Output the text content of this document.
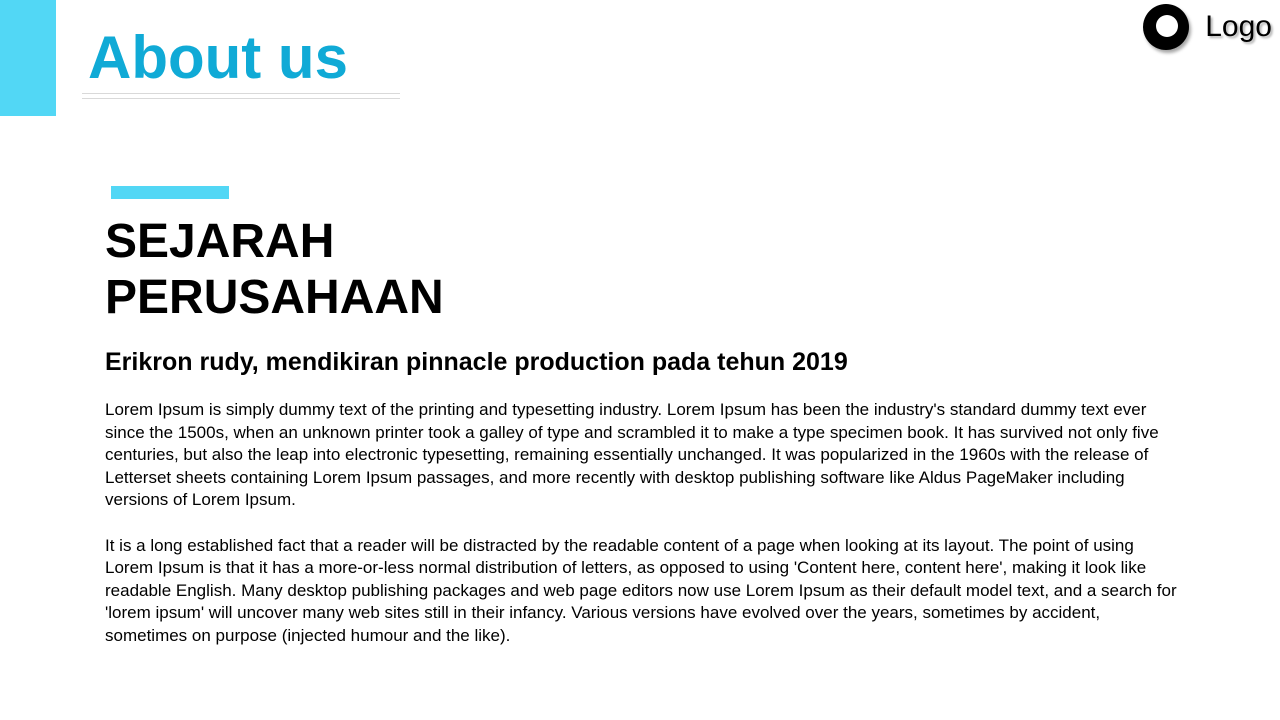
About us	Logo
SEJARAH
PERUSAHAAN
Erikron rudy, mendikiran pinnacle production pada tehun 2019

Lorem Ipsum is simply dummy text of the printing and typesetting industry. Lorem Ipsum has been the industry's standard dummy text ever since the 1500s, when an unknown printer took a galley of type and scrambled it to make a type specimen book. It has survived not only five centuries, but also the leap into electronic typesetting, remaining essentially unchanged. It was popularized in the 1960s with the release of Letterset sheets containing Lorem Ipsum passages, and more recently with desktop publishing software like Aldus PageMaker including versions of Lorem Ipsum.

It is a long established fact that a reader will be distracted by the readable content of a page when looking at its layout. The point of using Lorem Ipsum is that it has a more-or-less normal distribution of letters, as opposed to using 'Content here, content here', making it look like readable English. Many desktop publishing packages and web page editors now use Lorem Ipsum as their default model text, and a search for 'lorem ipsum' will uncover many web sites still in their infancy. Various versions have evolved over the years, sometimes by accident, sometimes on purpose (injected humour and the like).
